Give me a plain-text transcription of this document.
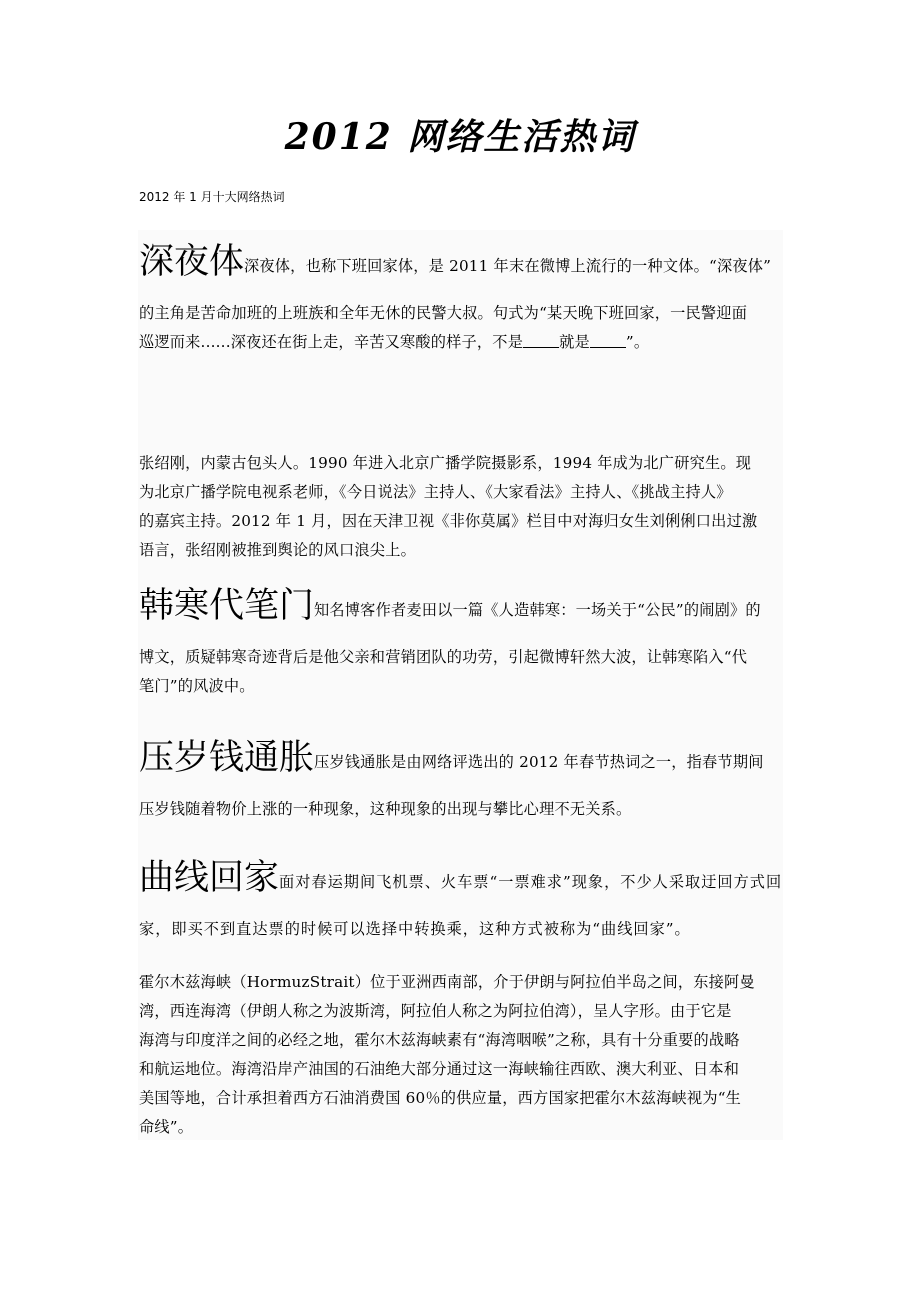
2012 网络生活热词
2012 年 1 月十大网络热词
深夜体深夜体，也称下班回家体，是 2011 年末在微博上流行的一种文体。“深夜体”
的主角是苦命加班的上班族和全年无休的民警大叔。句式为“某天晚下班回家，一民警迎面
巡逻而来......深夜还在街上走，辛苦又寒酸的样子，不是 就是 ”。
张绍刚，内蒙古包头人。1990 年进入北京广播学院摄影系，1994 年成为北广研究生。现
为北京广播学院电视系老师，《今日说法》主持人、《大家看法》主持人、《挑战主持人》
的嘉宾主持。2012 年 1 月，因在天津卫视《非你莫属》栏目中对海归女生刘俐俐口出过激
语言，张绍刚被推到舆论的风口浪尖上。
韩寒代笔门知名博客作者麦田以一篇《人造韩寒：一场关于“公民”的闹剧》的
博文，质疑韩寒奇迹背后是他父亲和营销团队的功劳，引起微博轩然大波，让韩寒陷入“代
笔门”的风波中。
压岁钱通胀压岁钱通胀是由网络评选出的 2012 年春节热词之一，指春节期间
压岁钱随着物价上涨的一种现象，这种现象的出现与攀比心理不无关系。
曲线回家面对春运期间飞机票、火车票“一票难求”现象，不少人采取迂回方式回
家，即买不到直达票的时候可以选择中转换乘，这种方式被称为“曲线回家”。
霍尔木兹海峡（HormuzStrait）位于亚洲西南部，介于伊朗与阿拉伯半岛之间，东接阿曼
湾，西连海湾（伊朗人称之为波斯湾，阿拉伯人称之为阿拉伯湾），呈人字形。由于它是
海湾与印度洋之间的必经之地，霍尔木兹海峡素有“海湾咽喉”之称，具有十分重要的战略
和航运地位。海湾沿岸产油国的石油绝大部分通过这一海峡输往西欧、澳大利亚、日本和
美国等地，合计承担着西方石油消费国 60％的供应量，西方国家把霍尔木兹海峡视为“生
命线”。
